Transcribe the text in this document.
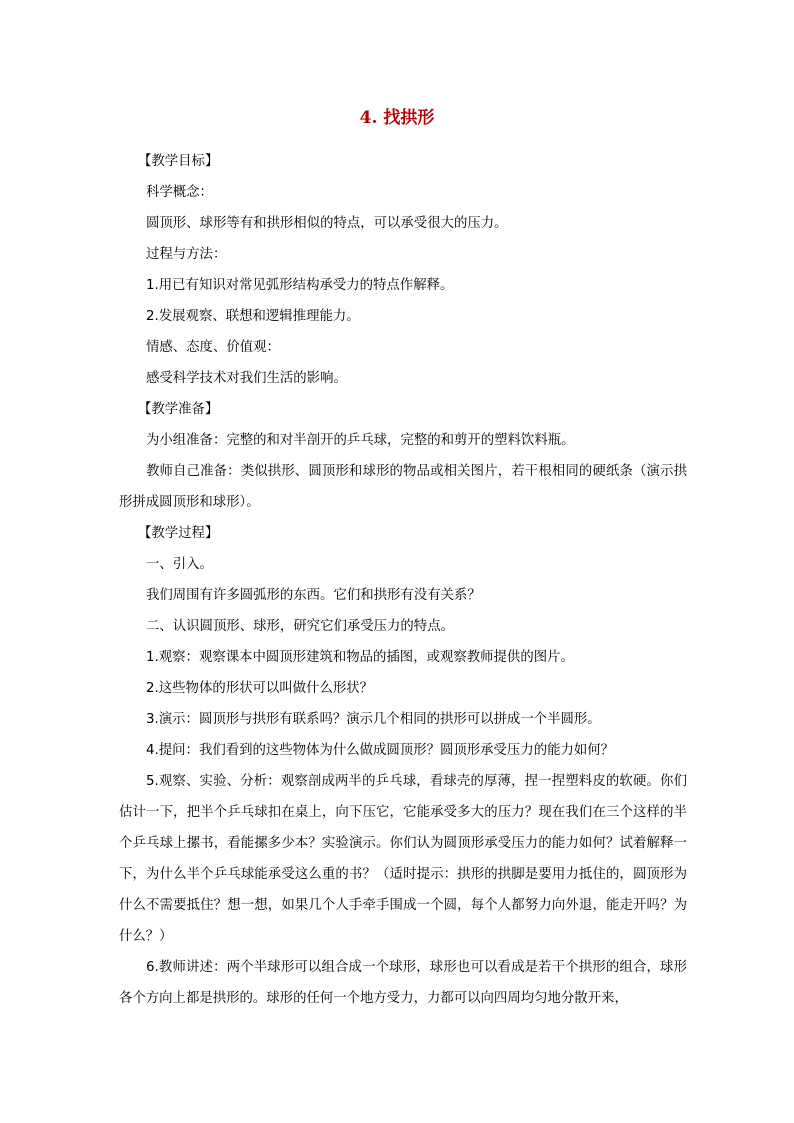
4. 找拱形

【教学目标】

科学概念：

圆顶形、球形等有和拱形相似的特点，可以承受很大的压力。

过程与方法：

1.用已有知识对常见弧形结构承受力的特点作解释。

2.发展观察、联想和逻辑推理能力。

情感、态度、价值观：

感受科学技术对我们生活的影响。

【教学准备】

为小组准备：完整的和对半剖开的乒乓球，完整的和剪开的塑料饮料瓶。

教师自己准备：类似拱形、圆顶形和球形的物品或相关图片，若干根相同的硬纸条（演示拱形拼成圆顶形和球形）。

【教学过程】

一、引入。

我们周围有许多圆弧形的东西。它们和拱形有没有关系？

二、认识圆顶形、球形，研究它们承受压力的特点。

1.观察：观察课本中圆顶形建筑和物品的插图，或观察教师提供的图片。

2.这些物体的形状可以叫做什么形状？

3.演示：圆顶形与拱形有联系吗？演示几个相同的拱形可以拼成一个半圆形。

4.提问：我们看到的这些物体为什么做成圆顶形？圆顶形承受压力的能力如何？

5.观察、实验、分析：观察剖成两半的乒乓球，看球壳的厚薄，捏一捏塑料皮的软硬。你们估计一下，把半个乒乓球扣在桌上，向下压它，它能承受多大的压力？现在我们在三个这样的半个乒乓球上摞书，看能摞多少本？实验演示。你们认为圆顶形承受压力的能力如何？试着解释一下，为什么半个乒乓球能承受这么重的书？（适时提示：拱形的拱脚是要用力抵住的，圆顶形为什么不需要抵住？想一想，如果几个人手牵手围成一个圆，每个人都努力向外退，能走开吗？为什么？）

6.教师讲述：两个半球形可以组合成一个球形，球形也可以看成是若干个拱形的组合，球形各个方向上都是拱形的。球形的任何一个地方受力，力都可以向四周均匀地分散开来，
